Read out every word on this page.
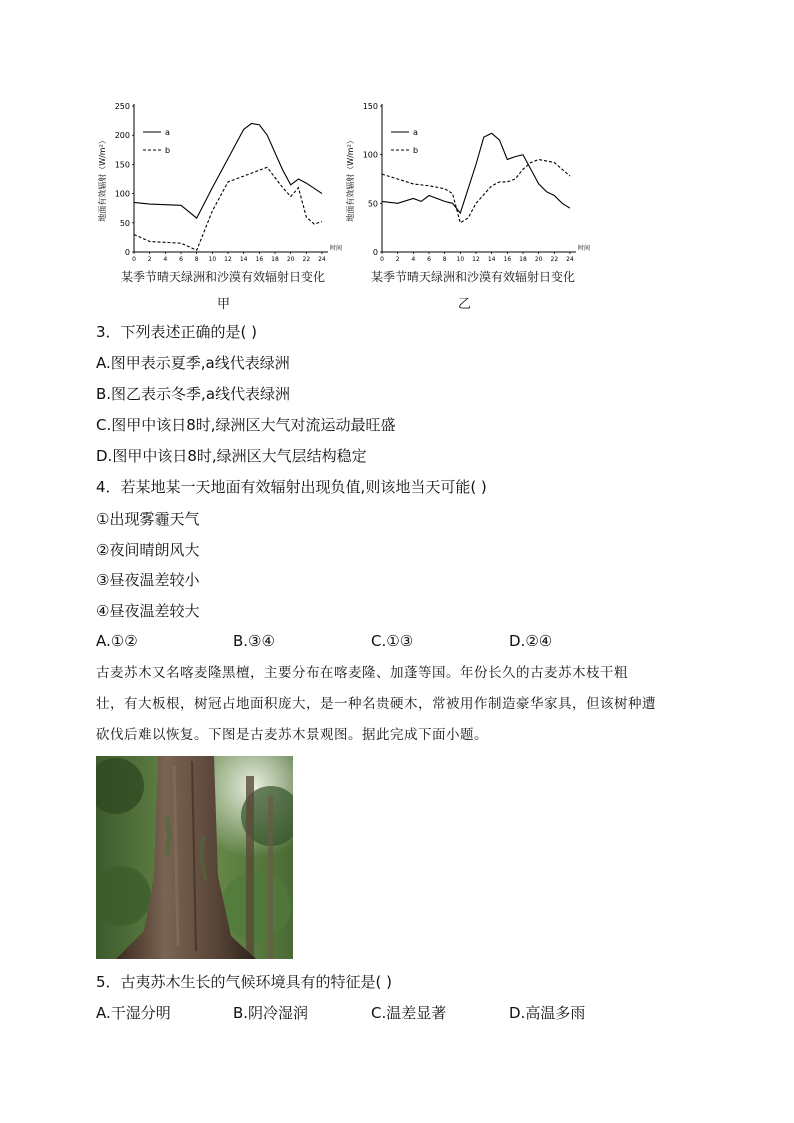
0 2 4 6 8 10 12 14 16 18 20 22 24
时间
0
50
100
150
200
250
地面有效辐射（W/m²）
a
b
某季节晴天绿洲和沙漠有效辐射日变化
甲
0 2 4 6 8 10 12 14 16 18 20 22 24
时间
0
50
100
150
地面有效辐射（W/m²）
a
b
某季节晴天绿洲和沙漠有效辐射日变化
乙
3．下列表述正确的是( )
A.图甲表示夏季,a线代表绿洲
B.图乙表示冬季,a线代表绿洲
C.图甲中该日8时,绿洲区大气对流运动最旺盛
D.图甲中该日8时,绿洲区大气层结构稳定
4．若某地某一天地面有效辐射出现负值,则该地当天可能( )
①出现雾霾天气
②夜间晴朗风大
③昼夜温差较小
④昼夜温差较大
A.①②	B.③④	C.①③	D.②④
古麦苏木又名喀麦隆黑檀，主要分布在喀麦隆、加蓬等国。年份长久的古麦苏木枝干粗
壮，有大板根，树冠占地面积庞大，是一种名贵硬木，常被用作制造豪华家具，但该树种遭
砍伐后难以恢复。下图是古麦苏木景观图。据此完成下面小题。
5．古夷苏木生长的气候环境具有的特征是( )
A.干湿分明	B.阴冷湿润	C.温差显著	D.高温多雨
